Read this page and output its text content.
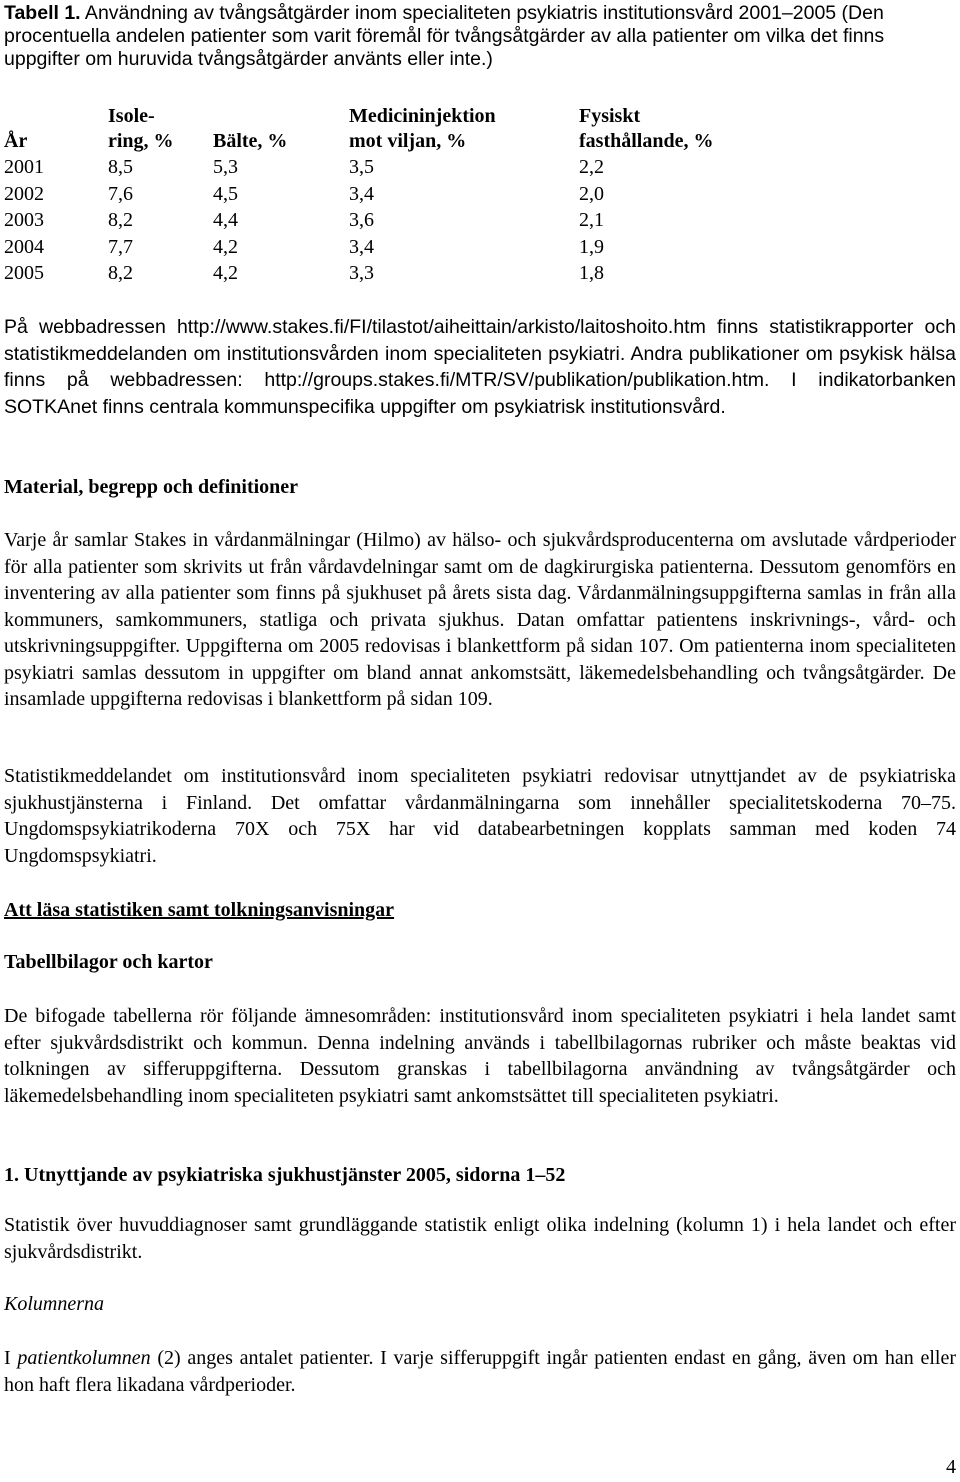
Tabell 1. Användning av tvångsåtgärder inom specialiteten psykiatris institutionsvård 2001–2005 (Den procentuella andelen patienter som varit föremål för tvångsåtgärder av alla patienter om vilka det finns uppgifter om huruvida tvångsåtgärder använts eller inte.)
	Isole-		Medicininjektion	Fysiskt
År	ring, %	Bälte, %	mot viljan, %	fasthållande, %
2001	8,5	5,3	3,5	2,2
2002	7,6	4,5	3,4	2,0
2003	8,2	4,4	3,6	2,1
2004	7,7	4,2	3,4	1,9
2005	8,2	4,2	3,3	1,8

På webbadressen http://www.stakes.fi/FI/tilastot/aiheittain/arkisto/laitoshoito.htm finns statistikrapporter och statistikmeddelanden om institutionsvården inom specialiteten psykiatri. Andra publikationer om psykisk hälsa finns på webbadressen: http://groups.stakes.fi/MTR/SV/publikation/publikation.htm. I indikatorbanken SOTKAnet finns centrala kommunspecifika uppgifter om psykiatrisk institutionsvård.

Material, begrepp och definitioner

Varje år samlar Stakes in vårdanmälningar (Hilmo) av hälso- och sjukvårdsproducenterna om avslutade vårdperioder för alla patienter som skrivits ut från vårdavdelningar samt om de dagkirurgiska patienterna. Dessutom genomförs en inventering av alla patienter som finns på sjukhuset på årets sista dag. Vårdanmälningsuppgifterna samlas in från alla kommuners, samkommuners, statliga och privata sjukhus. Datan omfattar patientens inskrivnings-, vård- och utskrivningsuppgifter. Uppgifterna om 2005 redovisas i blankettform på sidan 107. Om patienterna inom specialiteten psykiatri samlas dessutom in uppgifter om bland annat ankomstsätt, läkemedelsbehandling och tvångsåtgärder. De insamlade uppgifterna redovisas i blankettform på sidan 109.

Statistikmeddelandet om institutionsvård inom specialiteten psykiatri redovisar utnyttjandet av de psykiatriska sjukhustjänsterna i Finland. Det omfattar vårdanmälningarna som innehåller specialitetskoderna 70–75. Ungdomspsykiatrikoderna 70X och 75X har vid databearbetningen kopplats samman med koden 74 Ungdomspsykiatri.

Att läsa statistiken samt tolkningsanvisningar

Tabellbilagor och kartor

De bifogade tabellerna rör följande ämnesområden: institutionsvård inom specialiteten psykiatri i hela landet samt efter sjukvårdsdistrikt och kommun. Denna indelning används i tabellbilagornas rubriker och måste beaktas vid tolkningen av sifferuppgifterna. Dessutom granskas i tabellbilagorna användning av tvångsåtgärder och läkemedelsbehandling inom specialiteten psykiatri samt ankomstsättet till specialiteten psykiatri.

1. Utnyttjande av psykiatriska sjukhustjänster 2005, sidorna 1–52

Statistik över huvuddiagnoser samt grundläggande statistik enligt olika indelning (kolumn 1) i hela landet och efter sjukvårdsdistrikt.

Kolumnerna

I patientkolumnen (2) anges antalet patienter. I varje sifferuppgift ingår patienten endast en gång, även om han eller hon haft flera likadana vårdperioder.

4
